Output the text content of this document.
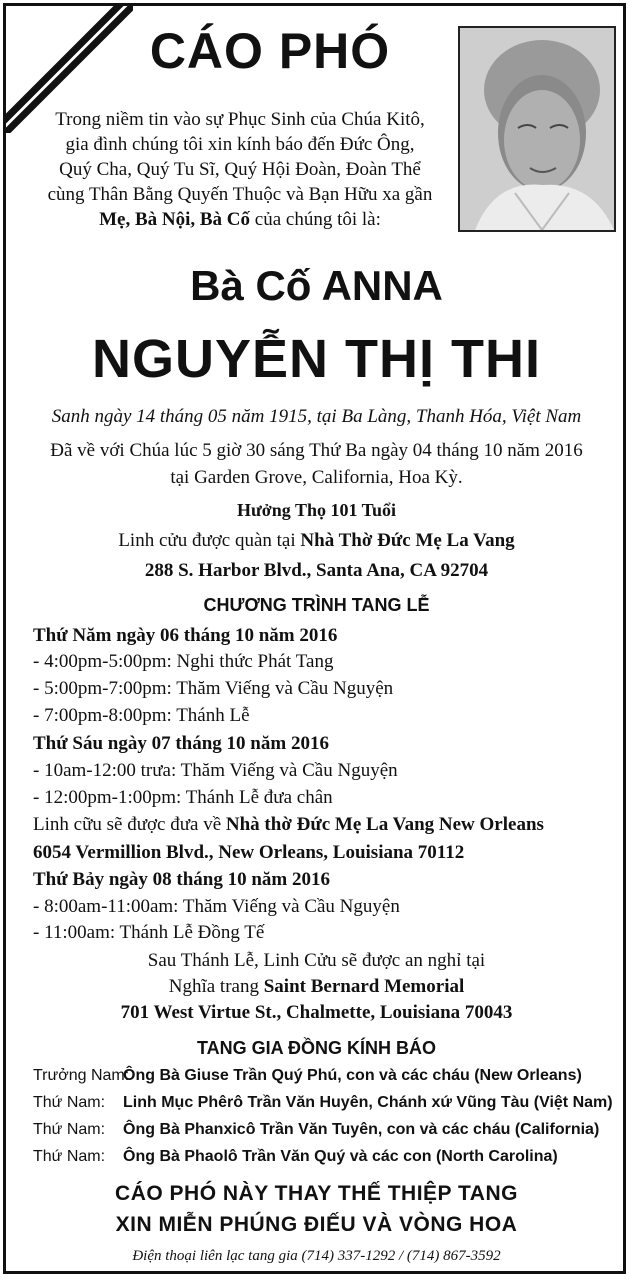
CÁO PHÓ
Trong niềm tin vào sự Phục Sinh của Chúa Kitô,
gia đình chúng tôi xin kính báo đến Đức Ông,
Quý Cha, Quý Tu Sĩ, Quý Hội Đoàn, Đoàn Thể
cùng Thân Bằng Quyến Thuộc và Bạn Hữu xa gần
Mẹ, Bà Nội, Bà Cố của chúng tôi là:
Bà Cố ANNA
NGUYỄN THỊ THI
Sanh ngày 14 tháng 05 năm 1915, tại Ba Làng, Thanh Hóa, Việt Nam
Đã về với Chúa lúc 5 giờ 30 sáng Thứ Ba ngày 04 tháng 10 năm 2016
tại Garden Grove, California, Hoa Kỳ.
Hưởng Thọ 101 Tuổi
Linh cửu được quàn tại Nhà Thờ Đức Mẹ La Vang
288 S. Harbor Blvd., Santa Ana, CA 92704
CHƯƠNG TRÌNH TANG LỄ
Thứ Năm ngày 06 tháng 10 năm 2016
- 4:00pm-5:00pm: Nghi thức Phát Tang
- 5:00pm-7:00pm: Thăm Viếng và Cầu Nguyện
- 7:00pm-8:00pm: Thánh Lễ
Thứ Sáu ngày 07 tháng 10 năm 2016
- 10am-12:00 trưa: Thăm Viếng và Cầu Nguyện
- 12:00pm-1:00pm: Thánh Lễ đưa chân
Linh cữu sẽ được đưa về Nhà thờ Đức Mẹ La Vang New Orleans
6054 Vermillion Blvd., New Orleans, Louisiana 70112
Thứ Bảy ngày 08 tháng 10 năm 2016
- 8:00am-11:00am: Thăm Viếng và Cầu Nguyện
- 11:00am: Thánh Lễ Đồng Tế
Sau Thánh Lễ, Linh Cửu sẽ được an nghỉ tại
Nghĩa trang Saint Bernard Memorial
701 West Virtue St., Chalmette, Louisiana 70043
TANG GIA ĐỒNG KÍNH BÁO
Trưởng Nam:Ông Bà Giuse Trần Quý Phú, con và các cháu (New Orleans)
Thứ Nam: Linh Mục Phêrô Trần Văn Huyên, Chánh xứ Vũng Tàu (Việt Nam)
Thứ Nam: Ông Bà Phanxicô Trần Văn Tuyên, con và các cháu (California)
Thứ Nam: Ông Bà Phaolô Trần Văn Quý và các con (North Carolina)
CÁO PHÓ NÀY THAY THẾ THIỆP TANG
XIN MIỄN PHÚNG ĐIẾU VÀ VÒNG HOA
Điện thoại liên lạc tang gia (714) 337-1292 / (714) 867-3592
